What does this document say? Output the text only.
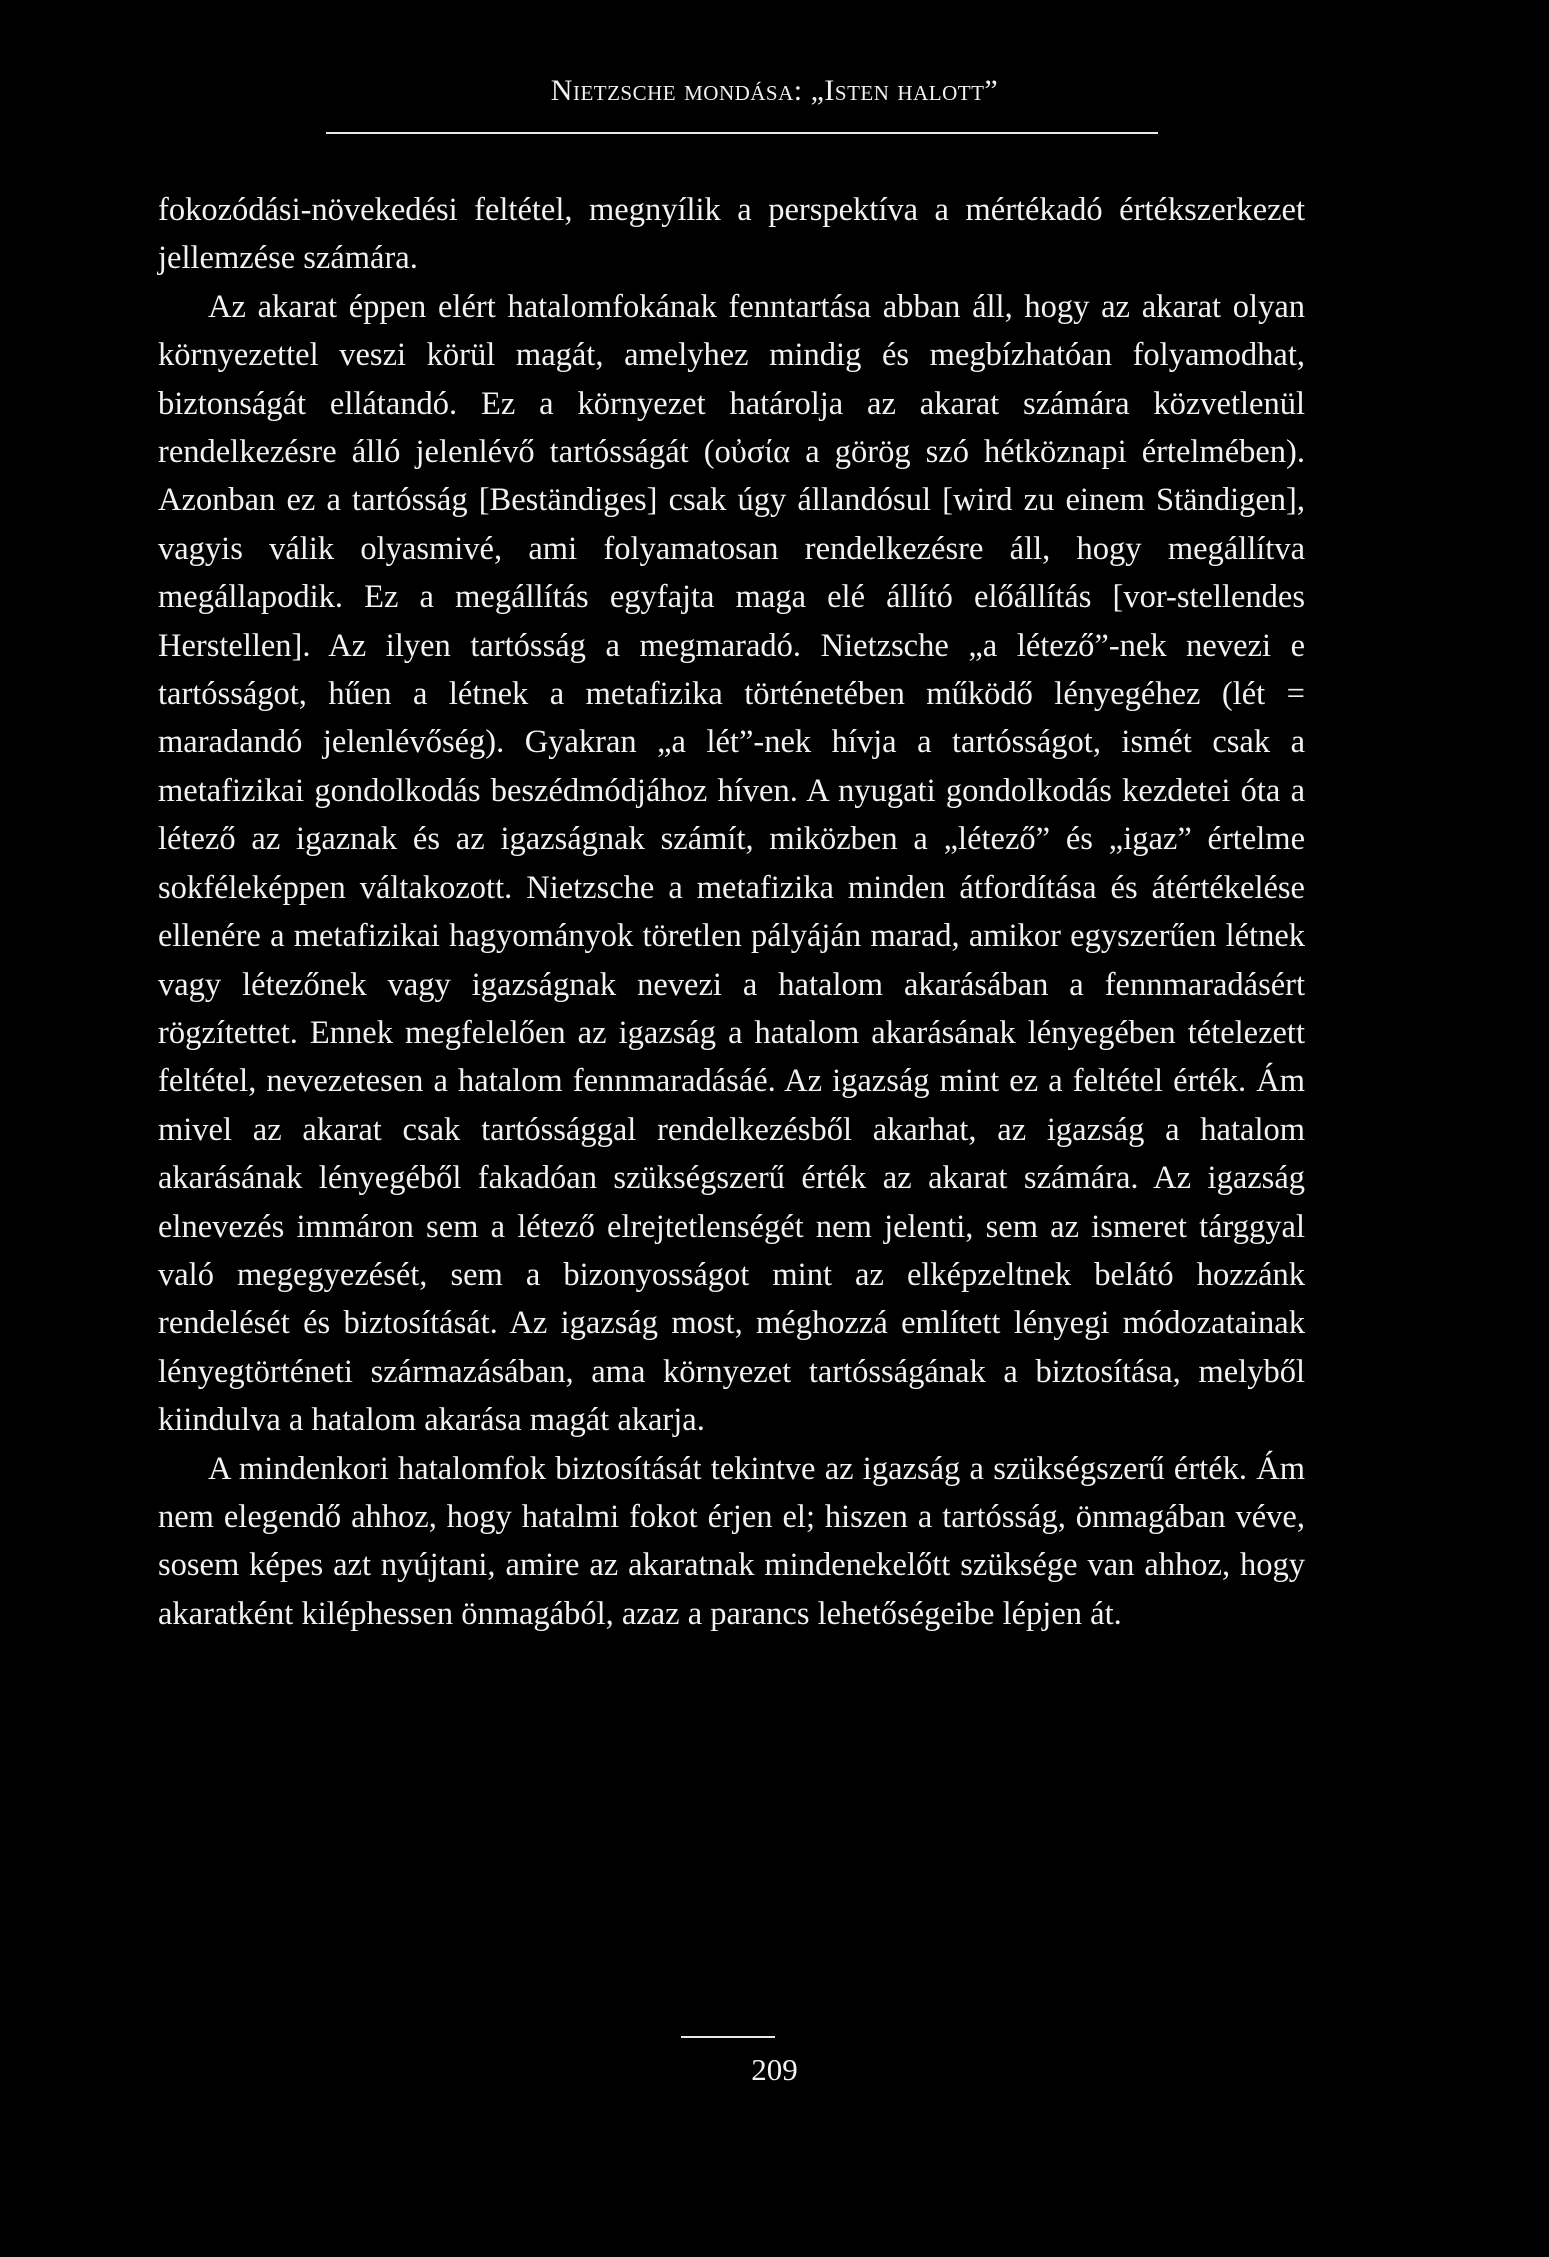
Nietzsche mondása: „Isten halott”

fokozódási-növekedési feltétel, megnyílik a perspektíva a mértékadó értékszerkezet jellemzése számára.

Az akarat éppen elért hatalomfokának fenntartása abban áll, hogy az akarat olyan környezettel veszi körül magát, amelyhez mindig és megbízhatóan folyamodhat, biztonságát ellátandó. Ez a környezet határolja az akarat számára közvetlenül rendelkezésre álló jelenlévő tartósságát (οὐσία a görög szó hétköznapi értelmében). Azonban ez a tartósság [Beständiges] csak úgy állandósul [wird zu einem Ständigen], vagyis válik olyasmivé, ami folyamatosan rendelkezésre áll, hogy megállítva megállapodik. Ez a megállítás egyfajta maga elé állító előállítás [vor-stellendes Herstellen]. Az ilyen tartósság a megmaradó. Nietzsche „a létező”-nek nevezi e tartósságot, hűen a létnek a metafizika történetében működő lényegéhez (lét = maradandó jelenlévőség). Gyakran „a lét”-nek hívja a tartósságot, ismét csak a metafizikai gondolkodás beszédmódjához híven. A nyugati gondolkodás kezdetei óta a létező az igaznak és az igazságnak számít, miközben a „létező” és „igaz” értelme sokféleképpen váltakozott. Nietzsche a metafizika minden átfordítása és átértékelése ellenére a metafizikai hagyományok töretlen pályáján marad, amikor egyszerűen létnek vagy létezőnek vagy igazságnak nevezi a hatalom akarásában a fennmaradásért rögzítettet. Ennek megfelelően az igazság a hatalom akarásának lényegében tételezett feltétel, nevezetesen a hatalom fennmaradásáé. Az igazság mint ez a feltétel érték. Ám mivel az akarat csak tartóssággal rendelkezésből akarhat, az igazság a hatalom akarásának lényegéből fakadóan szükségszerű érték az akarat számára. Az igazság elnevezés immáron sem a létező elrejtetlenségét nem jelenti, sem az ismeret tárggyal való megegyezését, sem a bizonyosságot mint az elképzeltnek belátó hozzánk rendelését és biztosítását. Az igazság most, méghozzá említett lényegi módozatainak lényegtörténeti származásában, ama környezet tartósságának a biztosítása, melyből kiindulva a hatalom akarása magát akarja.

A mindenkori hatalomfok biztosítását tekintve az igazság a szükségszerű érték. Ám nem elegendő ahhoz, hogy hatalmi fokot érjen el; hiszen a tartósság, önmagában véve, sosem képes azt nyújtani, amire az akaratnak mindenekelőtt szüksége van ahhoz, hogy akaratként kiléphessen önmagából, azaz a parancs lehetőségeibe lépjen át.

209
